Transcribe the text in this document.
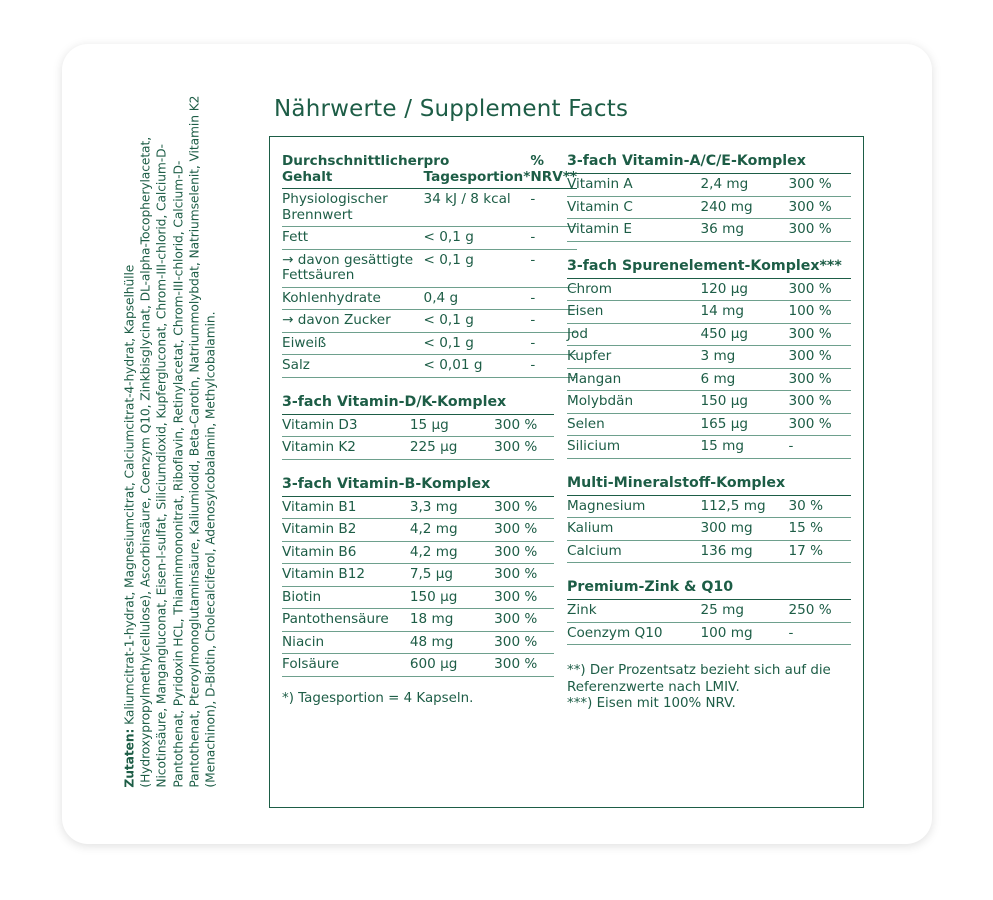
Zutaten: Kaliumcitrat-1-hydrat, Magnesiumcitrat, Calciumcitrat-4-hydrat, Kapselhülle (Hydroxypropylmethylcellulose), Ascorbinsäure, Coenzym Q10, Zinkbisglycinat, DL-alpha-Tocopherylacetat, Nicotinsäure, Mangangluconat, Eisen-l-sulfat, Siliciumdioxid, Kupfergluconat, Chrom-III-chlorid, Calcium-D-Pantothenat, Pyridoxin HCL, Thiaminmononitrat, Riboflavin, Retinylacetat, Chrom-III-chlorid, Calcium-D-Pantothenat, Pteroylmonoglutaminsäure, Kaliumiodid, Beta-Carotin, Natriummolybdat, Natriumselenit, Vitamin K2 (Menachinon), D-Biotin, Cholecalciferol, Adenosylcobalamin, Methylcobalamin.
Nährwerte / Supplement Facts
Durchschnittlicher Gehalt	pro Tagesportion*	% NRV**
Physiologischer Brennwert	34 kJ / 8 kcal	-
Fett	< 0,1 g	-
→ davon gesättigte Fettsäuren	< 0,1 g	-
Kohlenhydrate	0,4 g	-
→ davon Zucker	< 0,1 g	-
Eiweiß	< 0,1 g	-
Salz	< 0,01 g	-
3-fach Vitamin-D/K-Komplex
Vitamin D3	15 µg	300 %
Vitamin K2	225 µg	300 %
3-fach Vitamin-B-Komplex
Vitamin B1	3,3 mg	300 %
Vitamin B2	4,2 mg	300 %
Vitamin B6	4,2 mg	300 %
Vitamin B12	7,5 µg	300 %
Biotin	150 µg	300 %
Pantothensäure	18 mg	300 %
Niacin	48 mg	300 %
Folsäure	600 µg	300 %
*) Tagesportion = 4 Kapseln.
3-fach Vitamin-A/C/E-Komplex
Vitamin A	2,4 mg	300 %
Vitamin C	240 mg	300 %
Vitamin E	36 mg	300 %
3-fach Spurenelement-Komplex***
Chrom	120 µg	300 %
Eisen	14 mg	100 %
Jod	450 µg	300 %
Kupfer	3 mg	300 %
Mangan	6 mg	300 %
Molybdän	150 µg	300 %
Selen	165 µg	300 %
Silicium	15 mg	-
Multi-Mineralstoff-Komplex
Magnesium	112,5 mg	30 %
Kalium	300 mg	15 %
Calcium	136 mg	17 %
Premium-Zink & Q10
Zink	25 mg	250 %
Coenzym Q10	100 mg	-
**) Der Prozentsatz bezieht sich auf die Referenzwerte nach LMIV.
***) Eisen mit 100% NRV.
